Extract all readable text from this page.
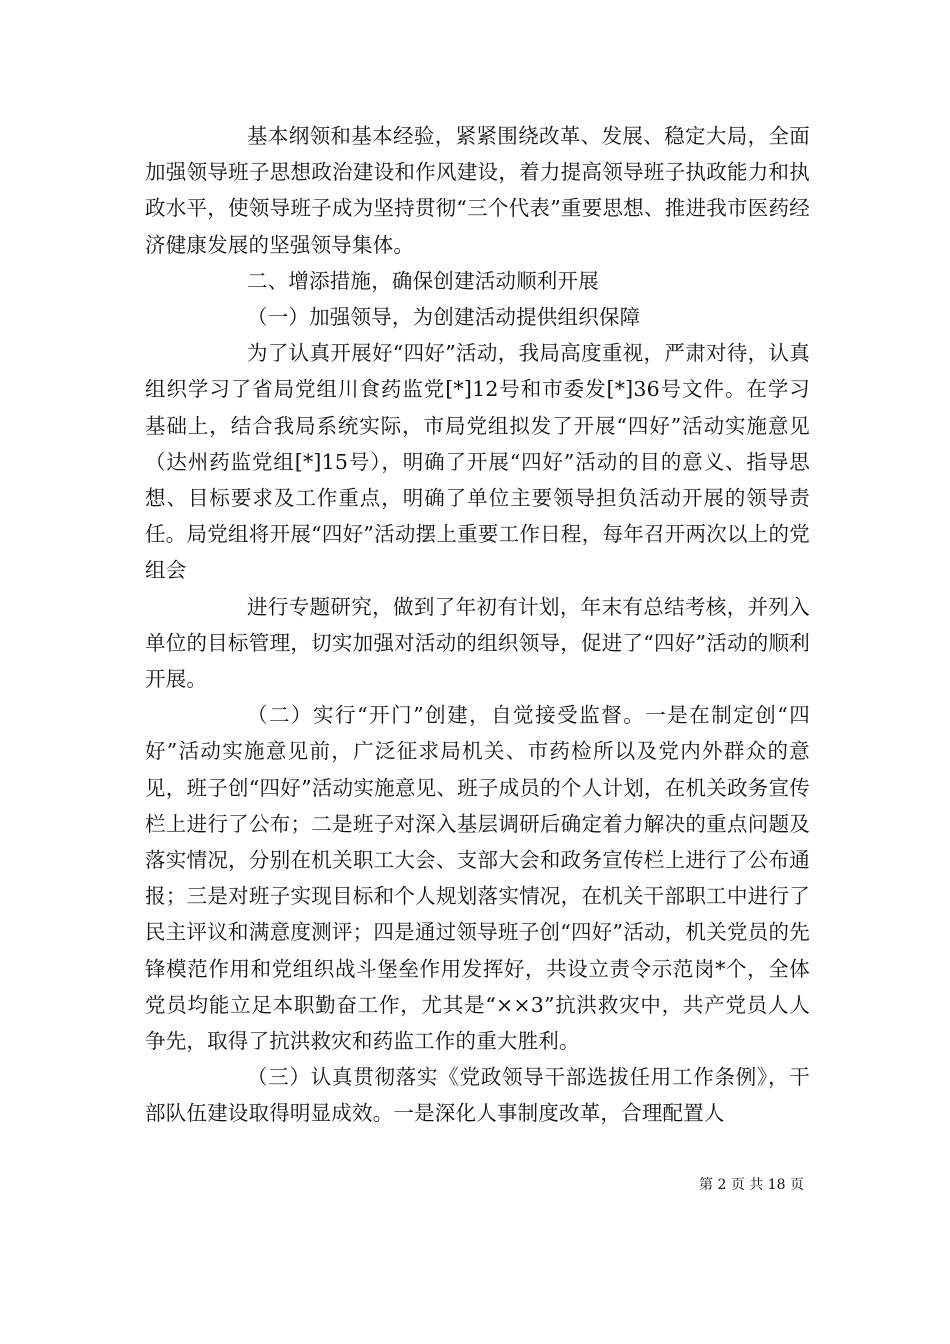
基本纲领和基本经验，紧紧围绕改革、发展、稳定大局，全面加强领导班子思想政治建设和作风建设，着力提高领导班子执政能力和执政水平，使领导班子成为坚持贯彻“三个代表”重要思想、推进我市医药经济健康发展的坚强领导集体。

二、增添措施，确保创建活动顺利开展

（一）加强领导，为创建活动提供组织保障

为了认真开展好“四好”活动，我局高度重视，严肃对待，认真组织学习了省局党组川食药监党[*]12号和市委发[*]36号文件。在学习基础上，结合我局系统实际，市局党组拟发了开展“四好”活动实施意见（达州药监党组[*]15号），明确了开展“四好”活动的目的意义、指导思想、目标要求及工作重点，明确了单位主要领导担负活动开展的领导责任。局党组将开展“四好”活动摆上重要工作日程，每年召开两次以上的党组会

进行专题研究，做到了年初有计划，年末有总结考核，并列入单位的目标管理，切实加强对活动的组织领导，促进了“四好”活动的顺利开展。

（二）实行“开门”创建，自觉接受监督。一是在制定创“四好”活动实施意见前，广泛征求局机关、市药检所以及党内外群众的意见，班子创“四好”活动实施意见、班子成员的个人计划，在机关政务宣传栏上进行了公布；二是班子对深入基层调研后确定着力解决的重点问题及落实情况，分别在机关职工大会、支部大会和政务宣传栏上进行了公布通报；三是对班子实现目标和个人规划落实情况，在机关干部职工中进行了民主评议和满意度测评；四是通过领导班子创“四好”活动，机关党员的先锋模范作用和党组织战斗堡垒作用发挥好，共设立责令示范岗*个，全体党员均能立足本职勤奋工作，尤其是“××3”抗洪救灾中，共产党员人人争先，取得了抗洪救灾和药监工作的重大胜利。

（三）认真贯彻落实《党政领导干部选拔任用工作条例》，干部队伍建设取得明显成效。一是深化人事制度改革，合理配置人

第 2 页 共 18 页
